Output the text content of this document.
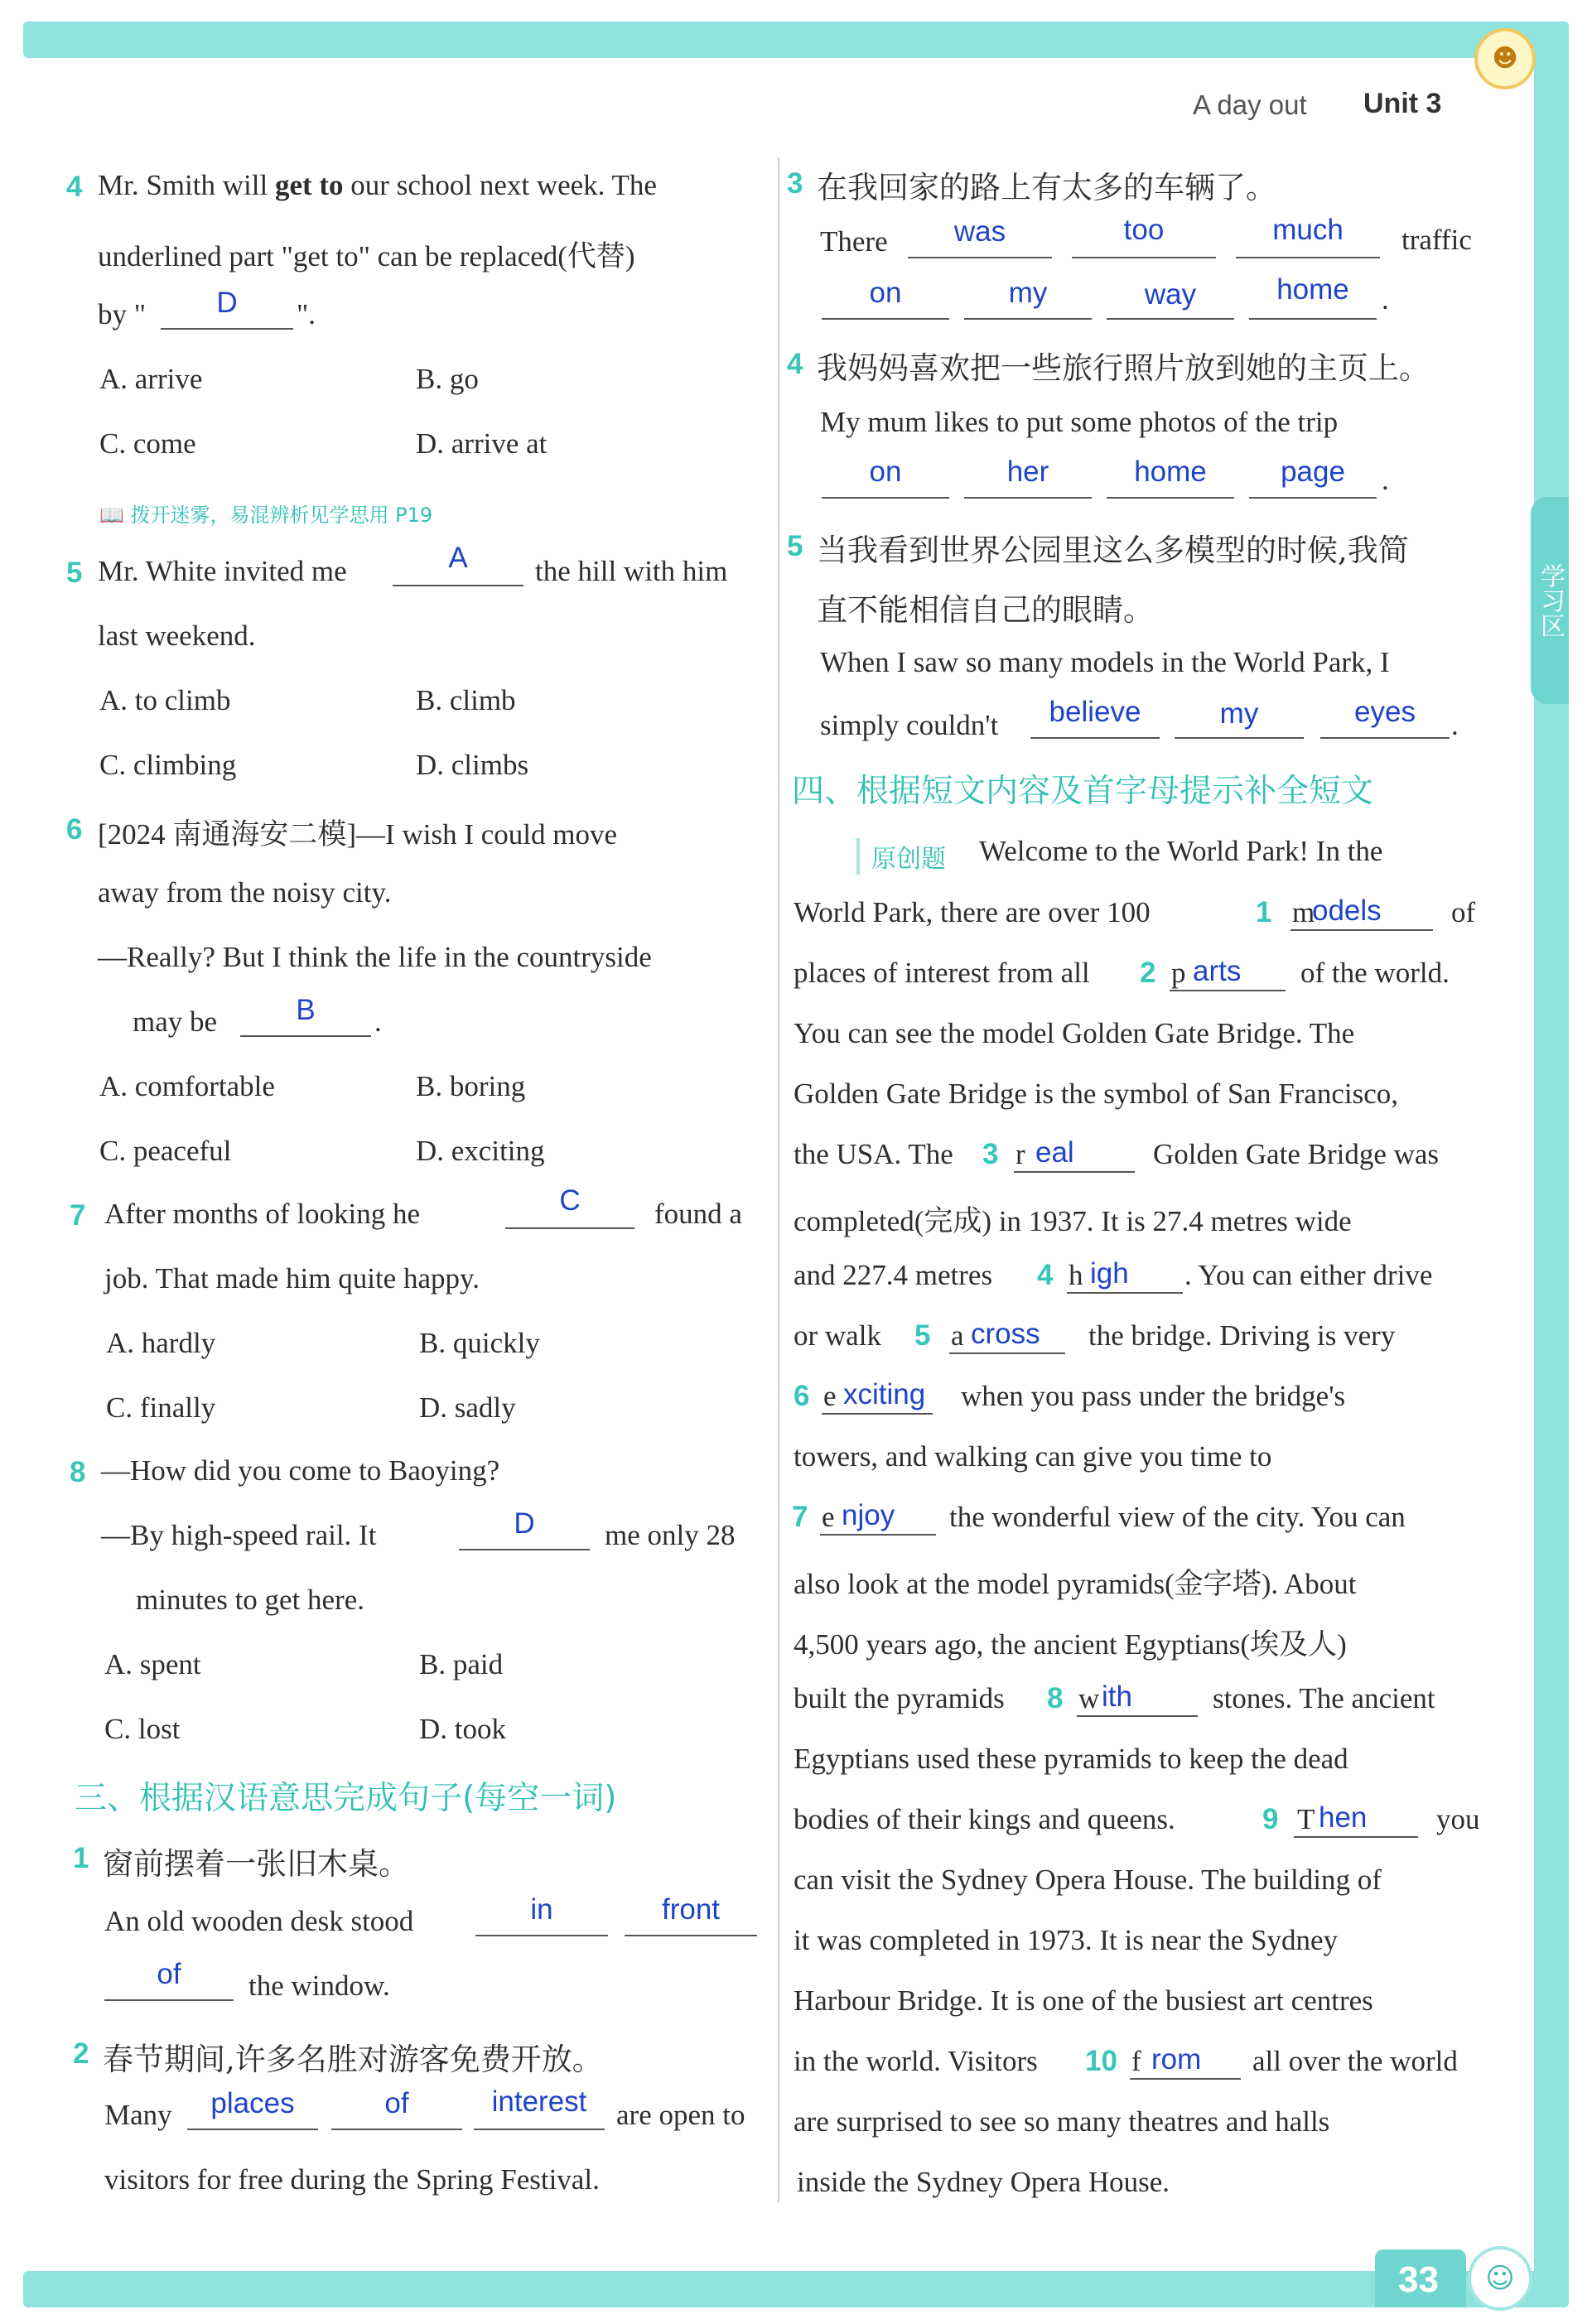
学习区
☻
A day out Unit 3
4 Mr. Smith will get to our school next week. The
underlined part "get to" can be replaced(代替)
by "	D	".
A. arrive	B. go
C. come	D. arrive at
📖 拨开迷雾，易混辨析见学思用 P19
5 Mr. White invited me	A	the hill with him
last weekend.
A. to climb	B. climb
C. climbing	D. climbs
6 [2024 南通海安二模]—I wish I could move
away from the noisy city.
—Really? But I think the life in the countryside
may be	B	.
A. comfortable	B. boring
C. peaceful	D. exciting
7 After months of looking he	C	found a
job. That made him quite happy.
A. hardly	B. quickly
C. finally	D. sadly
8 —How did you come to Baoying?
—By high-speed rail. It	D	me only 28
minutes to get here.
A. spent	B. paid
C. lost	D. took
三、根据汉语意思完成句子(每空一词)
1 窗前摆着一张旧木桌。
An old wooden desk stood	in	front
of	the window.
2 春节期间,许多名胜对游客免费开放。
Many	places	of	interest	are open to
visitors for free during the Spring Festival.
3 在我回家的路上有太多的车辆了。
There	was	too	much	traffic
on	my	way	home	.
4 我妈妈喜欢把一些旅行照片放到她的主页上。
My mum likes to put some photos of the trip
on	her	home	page	.
5 当我看到世界公园里这么多模型的时候,我简
直不能相信自己的眼睛。
When I saw so many models in the World Park, I
simply couldn't	believe	my	eyes	.
四、根据短文内容及首字母提示补全短文
原创题 Welcome to the World Park! In the
World Park, there are over 100	1 m
odels of
places of interest from all 2 p arts of the world.
You can see the model Golden Gate Bridge. The
Golden Gate Bridge is the symbol of San Francisco,
the USA. The 3 r eal	Golden Gate Bridge was
completed(完成) in 1937. It is 27.4 metres wide
and 227.4 metres 4 h igh . You can either drive
or walk 5 a cross the bridge. Driving is very
6 e xciting when you pass under the bridge's
towers, and walking can give you time to
7 e njoy the wonderful view of the city. You can
also look at the model pyramids(金字塔). About
4,500 years ago, the ancient Egyptians(埃及人)
built the pyramids 8 w ith	stones. The ancient
Egyptians used these pyramids to keep the dead
bodies of their kings and queens.	9 T hen you
can visit the Sydney Opera House. The building of
it was completed in 1973. It is near the Sydney
Harbour Bridge. It is one of the busiest art centres
in the world. Visitors 10 f rom all over the world
are surprised to see so many theatres and halls
inside the Sydney Opera House.
33	☺
